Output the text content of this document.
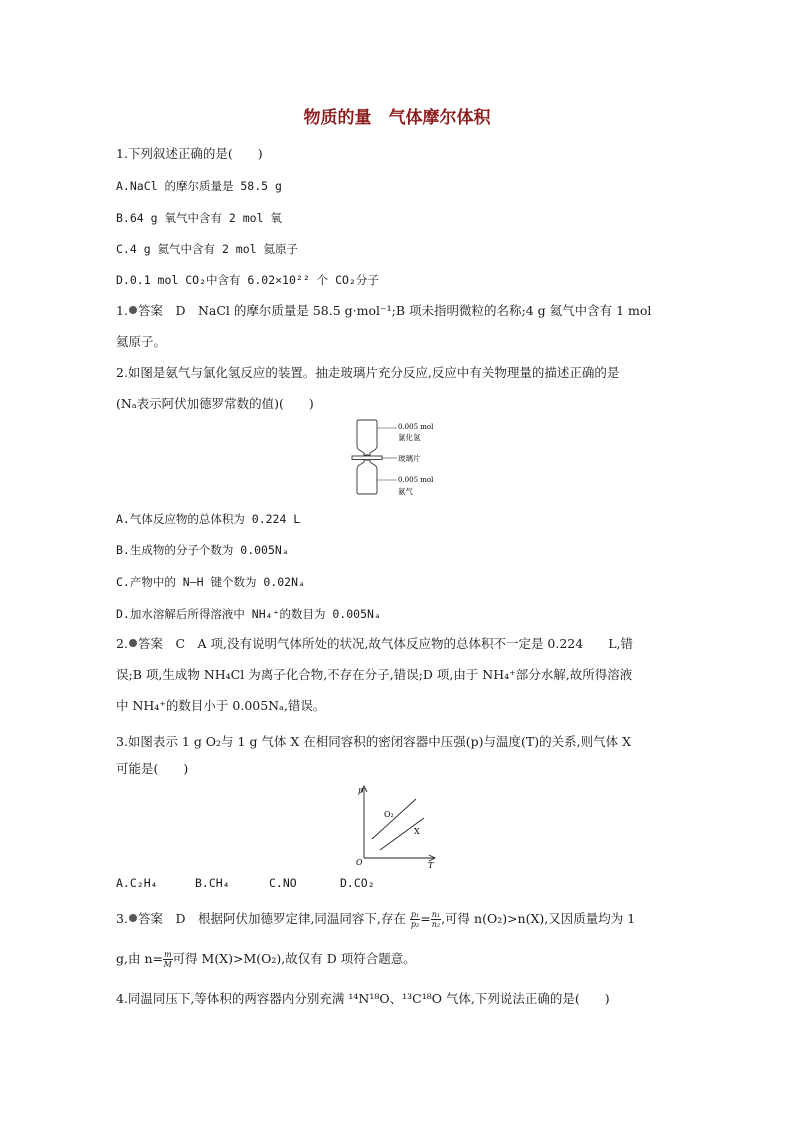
物质的量　气体摩尔体积
1.下列叙述正确的是(　　)
A.NaCl 的摩尔质量是 58.5 g
B.64 g 氧气中含有 2 mol 氧
C.4 g 氦气中含有 2 mol 氦原子
D.0.1 mol CO₂中含有 6.02×10²² 个 CO₂分子
1. 答案　D　NaCl 的摩尔质量是 58.5 g·mol⁻¹;B 项未指明微粒的名称;4 g 氦气中含有 1 mol
氦原子。
2.如图是氨气与氯化氢反应的装置。抽走玻璃片充分反应,反应中有关物理量的描述正确的是
(Nₐ表示阿伏加德罗常数的值)(　　)
0.005 mol
氯化氢
玻璃片
0.005 mol
氨气
A.气体反应物的总体积为 0.224 L
B.生成物的分子个数为 0.005Nₐ
C.产物中的 N—H 键个数为 0.02Nₐ
D.加水溶解后所得溶液中 NH₄⁺的数目为 0.005Nₐ
2. 答案　C　A 项,没有说明气体所处的状况,故气体反应物的总体积不一定是 0.224　　L,错
误;B 项,生成物 NH₄Cl 为离子化合物,不存在分子,错误;D 项,由于 NH₄⁺部分水解,故所得溶液
中 NH₄⁺的数目小于 0.005Nₐ,错误。
3.如图表示 1 g O₂与 1 g 气体 X 在相同容积的密闭容器中压强(p)与温度(T)的关系,则气体 X
可能是(　　)
p
T
O
O₂
X
A.C₂H₄	B.CH₄	C.NO	D.CO₂
3. 答案　D　根据阿伏加德罗定律,同温同容下,存在 $\frac{\text{p₁}}{\text{p₂}} = \frac{\text{n₁}}{\text{n₂}}$ ,可得 n(O₂)>n(X),又因质量均为 1
g,由 $n= \frac{m}{M}$ 可得 M(X)>M(O₂),故仅有 D 项符合题意。
4.同温同压下,等体积的两容器内分别充满 ¹⁴N¹⁸O、¹³C¹⁸O 气体,下列说法正确的是(　　)
